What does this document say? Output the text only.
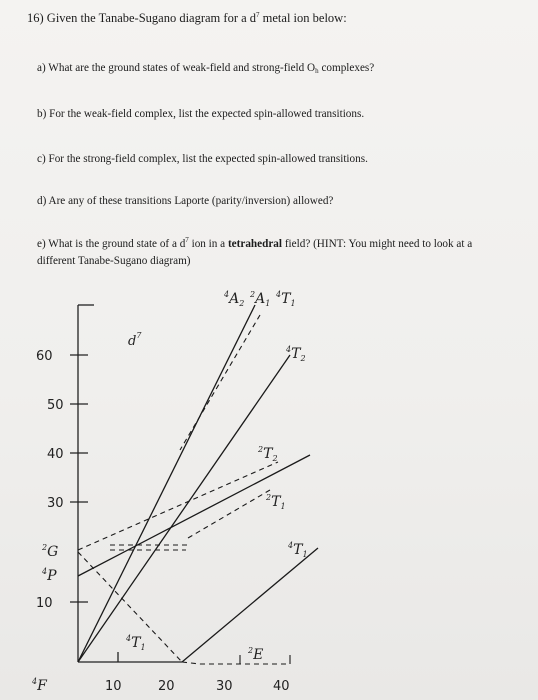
16) Given the Tanabe-Sugano diagram for a $d^7$ metal ion below:

a) What are the ground states of weak-field and strong-field $O_h$ complexes?

b) For the weak-field complex, list the expected spin-allowed transitions.

c) For the strong-field complex, list the expected spin-allowed transitions.

d) Are any of these transitions Laporte (parity/inversion) allowed?

e) What is the ground state of a $d^7$ ion in a tetrahedral field? (HINT: You might need to look at a different Tanabe-Sugano diagram)

60
50
40
30
10
10	20	30	40
$d^7$
$^4$F
$^4$P
$^2$G
$^4A_2$
$^2A_1$
$^4T_1$
$^4T_2$
$^2T_2$
$^2T_1$
$^4T_1$
$^4T_1$	$^2$E
